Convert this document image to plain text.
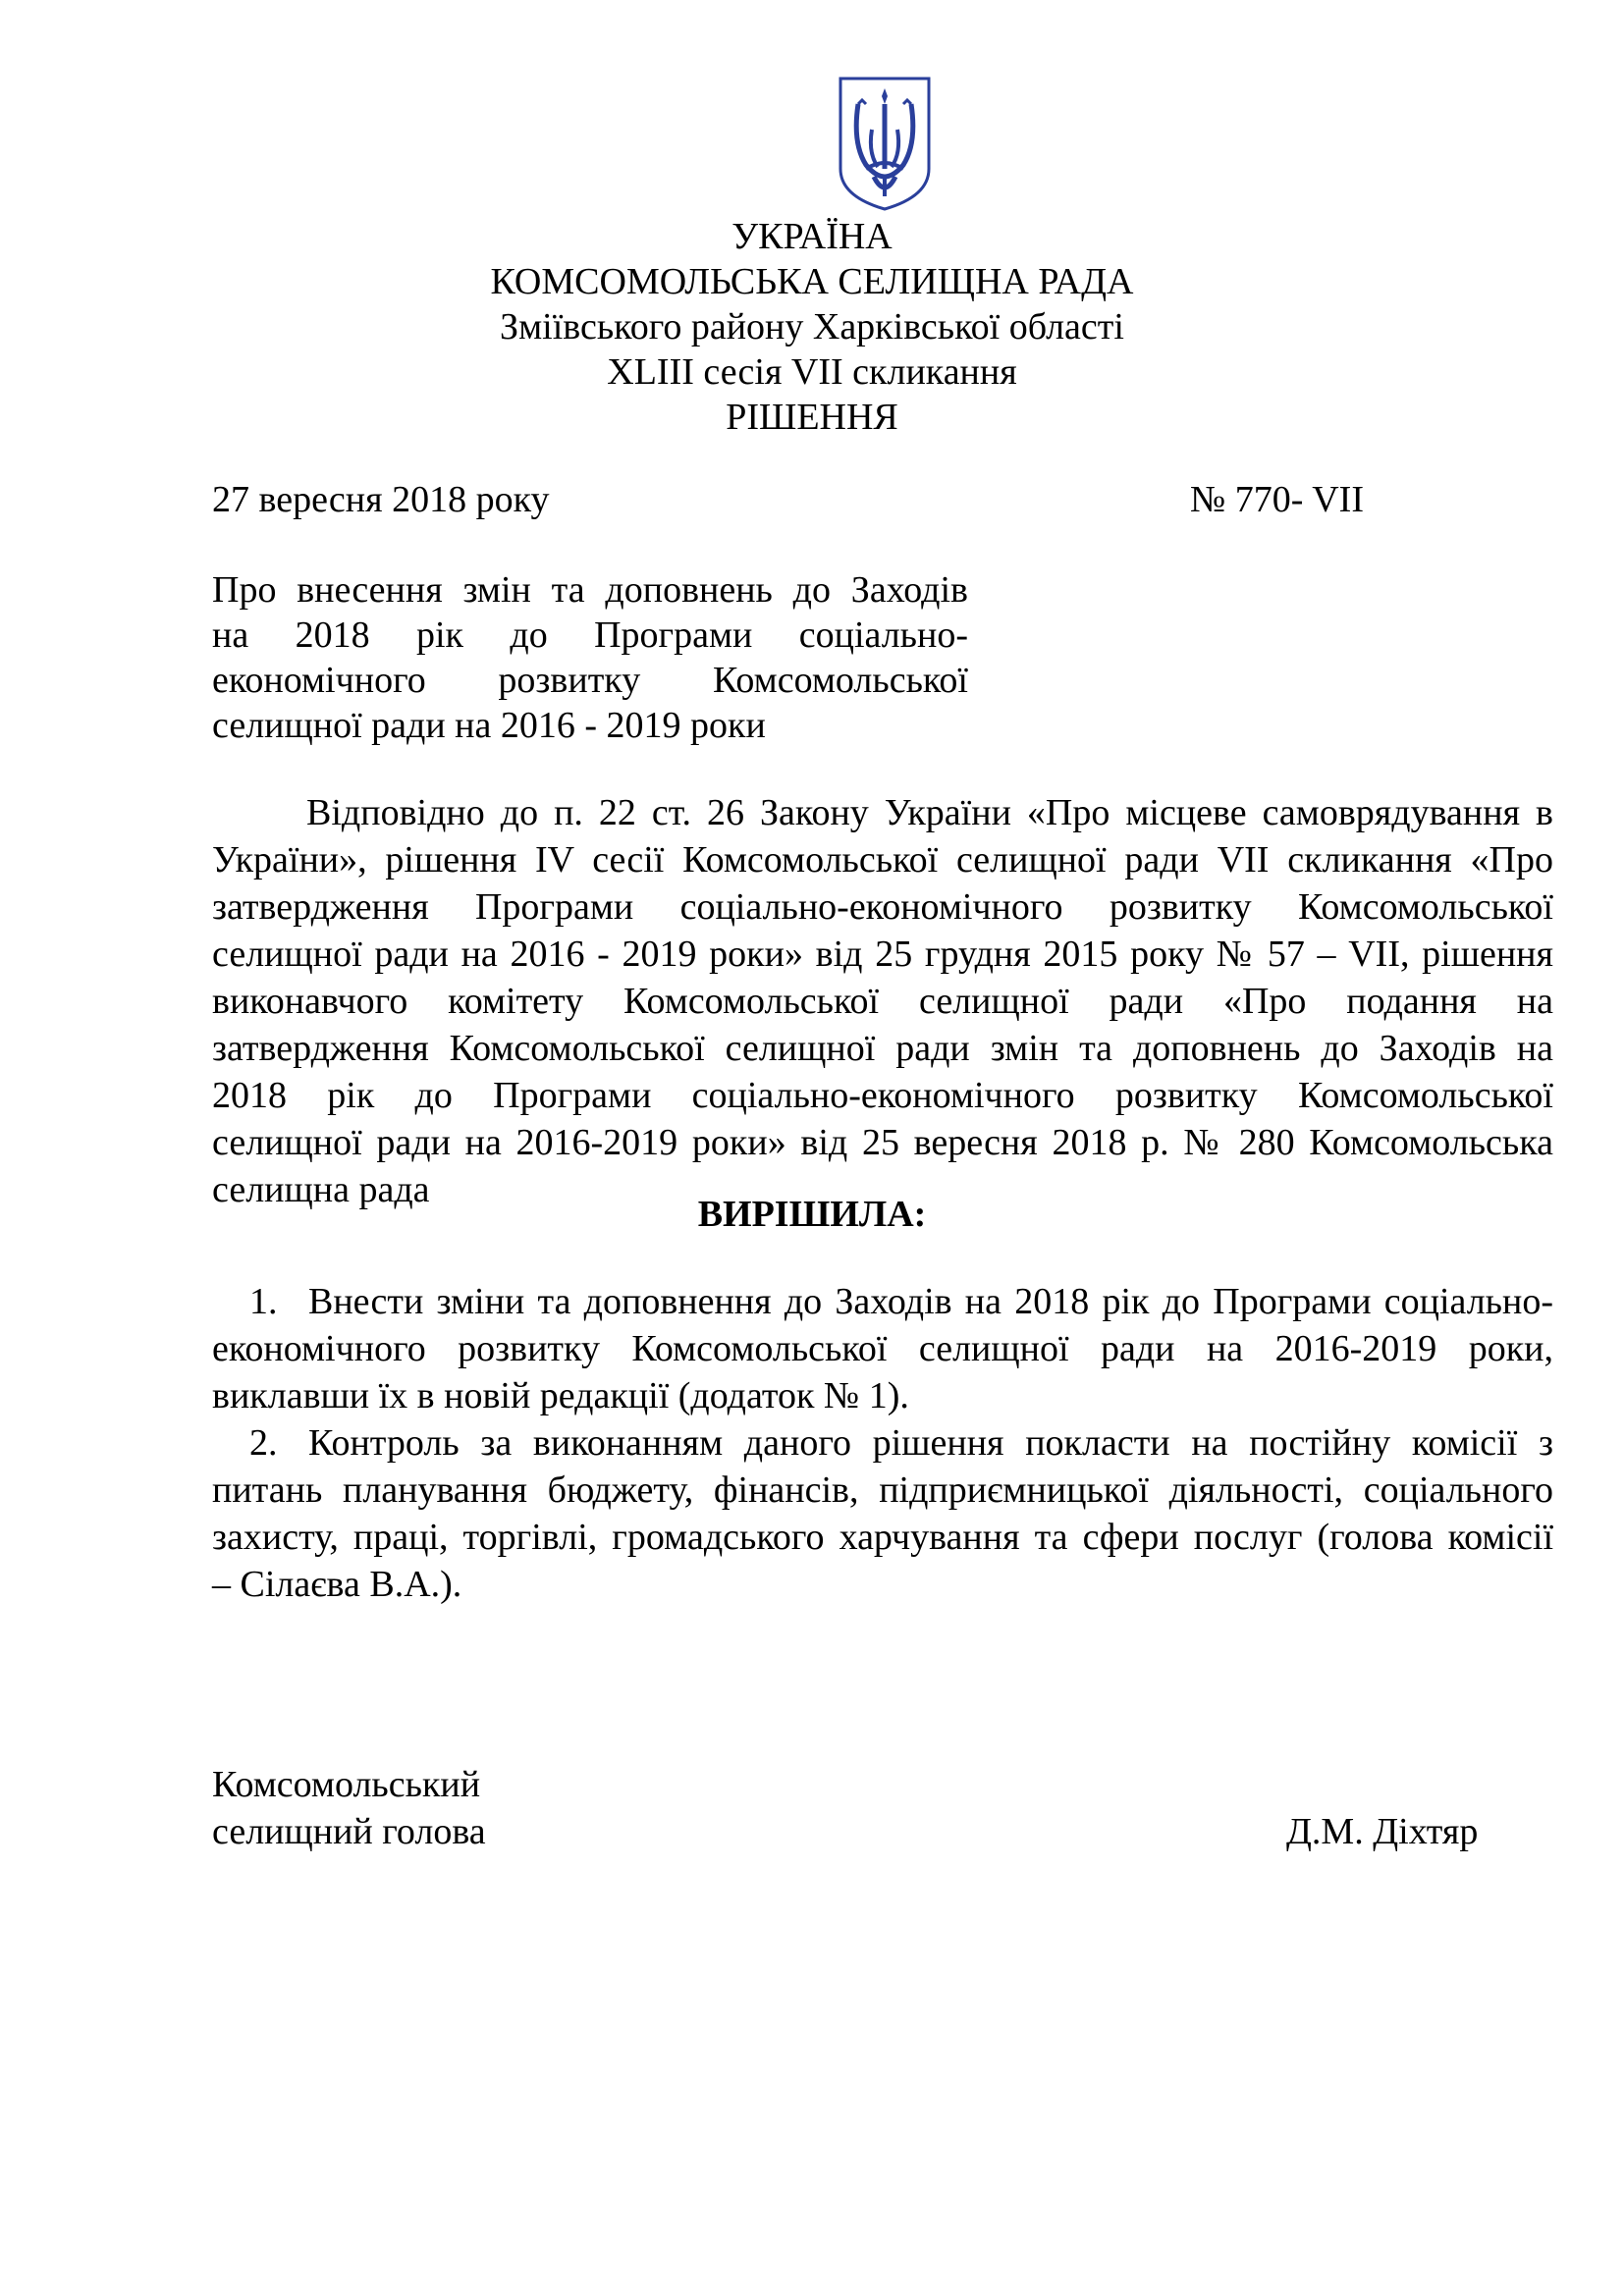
УКРАЇНА
КОМСОМОЛЬСЬКА СЕЛИЩНА РАДА
Зміївського району Харківської області
XLIII сесія VII скликання
РІШЕННЯ
27 вересня 2018 року	№ 770- VII
Про внесення змін та доповнень до Заходів
на 2018 рік до Програми соціально-
економічного розвитку Комсомольської
селищної ради на 2016 - 2019 роки
Відповідно до п. 22 ст. 26 Закону України «Про місцеве самоврядування в
України», рішення IV сесії Комсомольської селищної ради VII скликання «Про
затвердження Програми соціально-економічного розвитку Комсомольської
селищної ради на 2016 - 2019 роки» від 25 грудня 2015 року № 57 – VII, рішення
виконавчого комітету Комсомольської селищної ради «Про подання на
затвердження Комсомольської селищної ради змін та доповнень до Заходів на
2018 рік до Програми соціально-економічного розвитку Комсомольської
селищної ради на 2016-2019 роки» від 25 вересня 2018 р. № 280 Комсомольська
селищна рада
ВИРІШИЛА:
1. Внести зміни та доповнення до Заходів на 2018 рік до Програми соціально-
економічного розвитку Комсомольської селищної ради на 2016-2019 роки,
виклавши їх в новій редакції (додаток № 1).
2. Контроль за виконанням даного рішення покласти на постійну комісії з
питань планування бюджету, фінансів, підприємницької діяльності, соціального
захисту, праці, торгівлі, громадського харчування та сфери послуг (голова комісії
– Сілаєва В.А.).
Комсомольський
селищний голова	Д.М. Діхтяр
